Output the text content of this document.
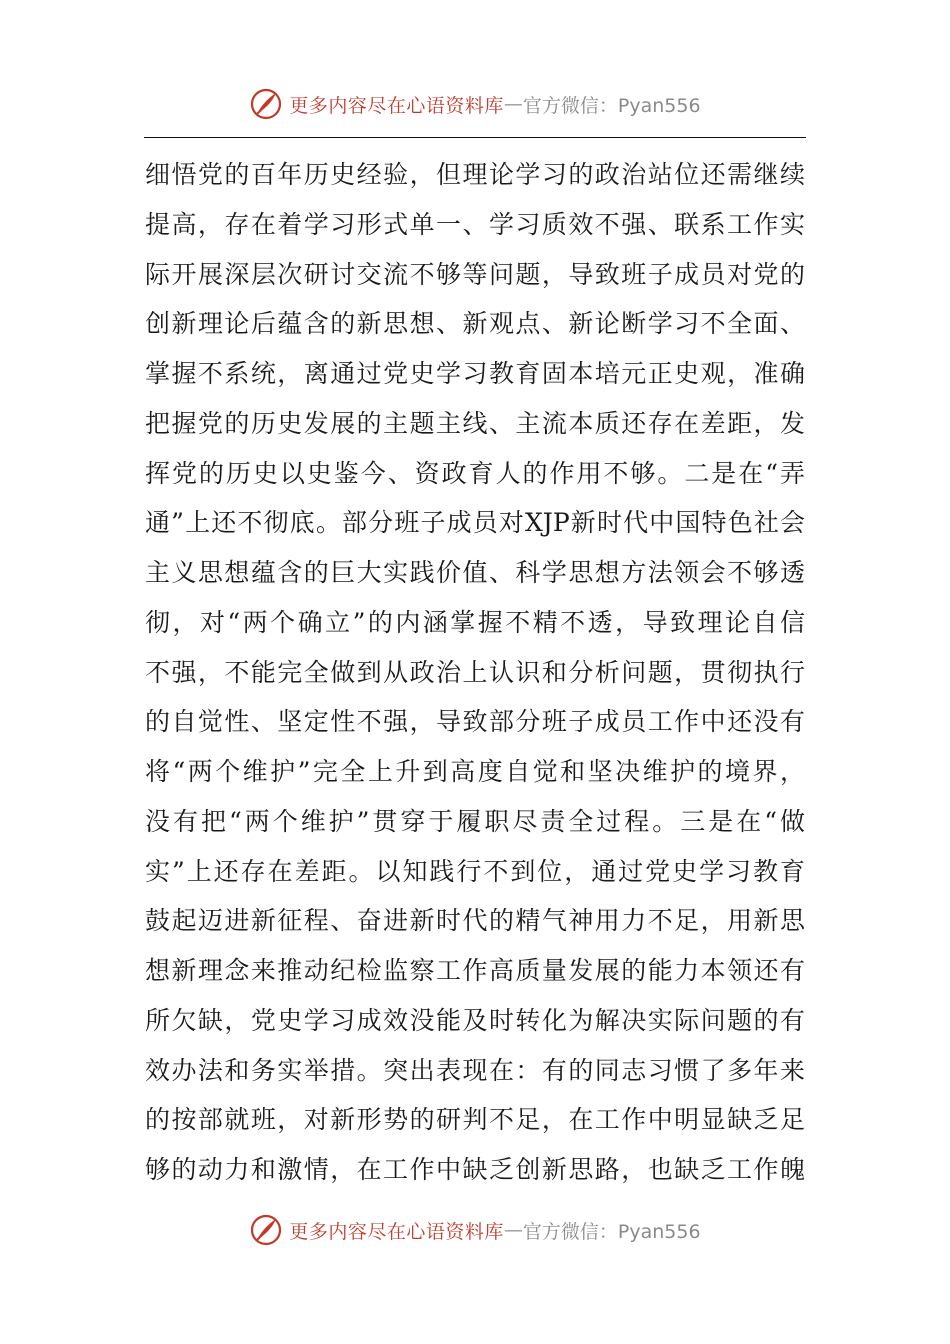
更多内容尽在心语资料库 — 官方微信：Pyan556
细悟党的百年历史经验，但理论学习的政治站位还需继续
提高，存在着学习形式单一、学习质效不强、联系工作实
际开展深层次研讨交流不够等问题，导致班子成员对党的
创新理论后蕴含的新思想、新观点、新论断学习不全面、
掌握不系统，离通过党史学习教育固本培元正史观，准确
把握党的历史发展的主题主线、主流本质还存在差距，发
挥党的历史以史鉴今、资政育人的作用不够。二是在“弄
通”上还不彻底。部分班子成员对XJP新时代中国特色社会
主义思想蕴含的巨大实践价值、科学思想方法领会不够透
彻，对“两个确立”的内涵掌握不精不透，导致理论自信
不强，不能完全做到从政治上认识和分析问题，贯彻执行
的自觉性、坚定性不强，导致部分班子成员工作中还没有
将“两个维护”完全上升到高度自觉和坚决维护的境界，
没有把“两个维护”贯穿于履职尽责全过程。三是在“做
实”上还存在差距。以知践行不到位，通过党史学习教育
鼓起迈进新征程、奋进新时代的精气神用力不足，用新思
想新理念来推动纪检监察工作高质量发展的能力本领还有
所欠缺，党史学习成效没能及时转化为解决实际问题的有
效办法和务实举措。突出表现在：有的同志习惯了多年来
的按部就班，对新形势的研判不足，在工作中明显缺乏足
够的动力和激情，在工作中缺乏创新思路，也缺乏工作魄
更多内容尽在心语资料库 — 官方微信：Pyan556
